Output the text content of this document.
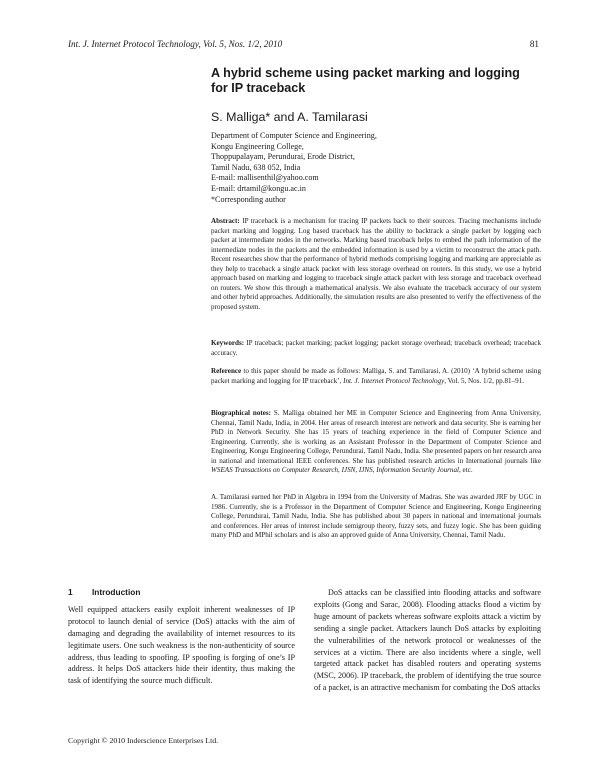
Int. J. Internet Protocol Technology, Vol. 5, Nos. 1/2, 2010	81
A hybrid scheme using packet marking and logging
for IP traceback
S. Malliga* and A. Tamilarasi
Department of Computer Science and Engineering,
Kongu Engineering College,
Thoppupalayam, Perundurai, Erode District,
Tamil Nadu, 638 052, India
E-mail: mallisenthil@yahoo.com
E-mail: drtamil@kongu.ac.in
*Corresponding author
Abstract: IP traceback is a mechanism for tracing IP packets back to their sources. Tracing mechanisms include packet marking and logging. Log based traceback has the ability to backtrack a single packet by logging each packet at intermediate nodes in the networks. Marking based traceback helps to embed the path information of the intermediate nodes in the packets and the embedded information is used by a victim to reconstruct the attack path. Recent researches show that the performance of hybrid methods comprising logging and marking are appreciable as they help to traceback a single attack packet with less storage overhead on routers. In this study, we use a hybrid approach based on marking and logging to traceback single attack packet with less storage and traceback overhead on routers. We show this through a mathematical analysis. We also evaluate the traceback accuracy of our system and other hybrid approaches. Additionally, the simulation results are also presented to verify the effectiveness of the proposed system.
Keywords: IP traceback; packet marking; packet logging; packet storage overhead; traceback overhead; traceback accuracy.
Reference to this paper should be made as follows: Malliga, S. and Tamilarasi, A. (2010) ‘A hybrid scheme using packet marking and logging for IP traceback’, Int. J. Internet Protocol Technology, Vol. 5, Nos. 1/2, pp.81–91.
Biographical notes: S. Malliga obtained her ME in Computer Science and Engineering from Anna University, Chennai, Tamil Nadu, India, in 2004. Her areas of research interest are network and data security. She is earning her PhD in Network Security. She has 15 years of teaching experience in the field of Computer Science and Engineering. Currently, she is working as an Assistant Professor in the Department of Computer Science and Engineering, Kongu Engineering College, Perundurai, Tamil Nadu, India. She presented papers on her research area in national and international IEEE conferences. She has published research articles in International journals like WSEAS Transactions on Computer Research, IJSN, IJNS, Information Security Journal, etc.
A. Tamilarasi earned her PhD in Algebra in 1994 from the University of Madras. She was awarded JRF by UGC in 1986. Currently, she is a Professor in the Department of Computer Science and Engineering, Kongu Engineering College, Perundurai, Tamil Nadu, India. She has published about 30 papers in national and international journals and conferences. Her areas of interest include semigroup theory, fuzzy sets, and fuzzy logic. She has been guiding many PhD and MPhil scholars and is also an approved guide of Anna University, Chennai, Tamil Nadu.
1 Introduction
Well equipped attackers easily exploit inherent weaknesses of IP protocol to launch denial of service (DoS) attacks with the aim of damaging and degrading the availability of internet resources to its legitimate users. One such weakness is the non-authenticity of source address, thus leading to spoofing. IP spoofing is forging of one’s IP address. It helps DoS attackers hide their identity, thus making the task of identifying the source much difficult.
DoS attacks can be classified into flooding attacks and software exploits (Gong and Sarac, 2008). Flooding attacks flood a victim by huge amount of packets whereas software exploits attack a victim by sending a single packet. Attackers launch DoS attacks by exploiting the vulnerabilities of the network protocol or weaknesses of the services at a victim. There are also incidents where a single, well targeted attack packet has disabled routers and operating systems (MSC, 2006). IP traceback, the problem of identifying the true source of a packet, is an attractive mechanism for combating the DoS attacks
Copyright © 2010 Inderscience Enterprises Ltd.
